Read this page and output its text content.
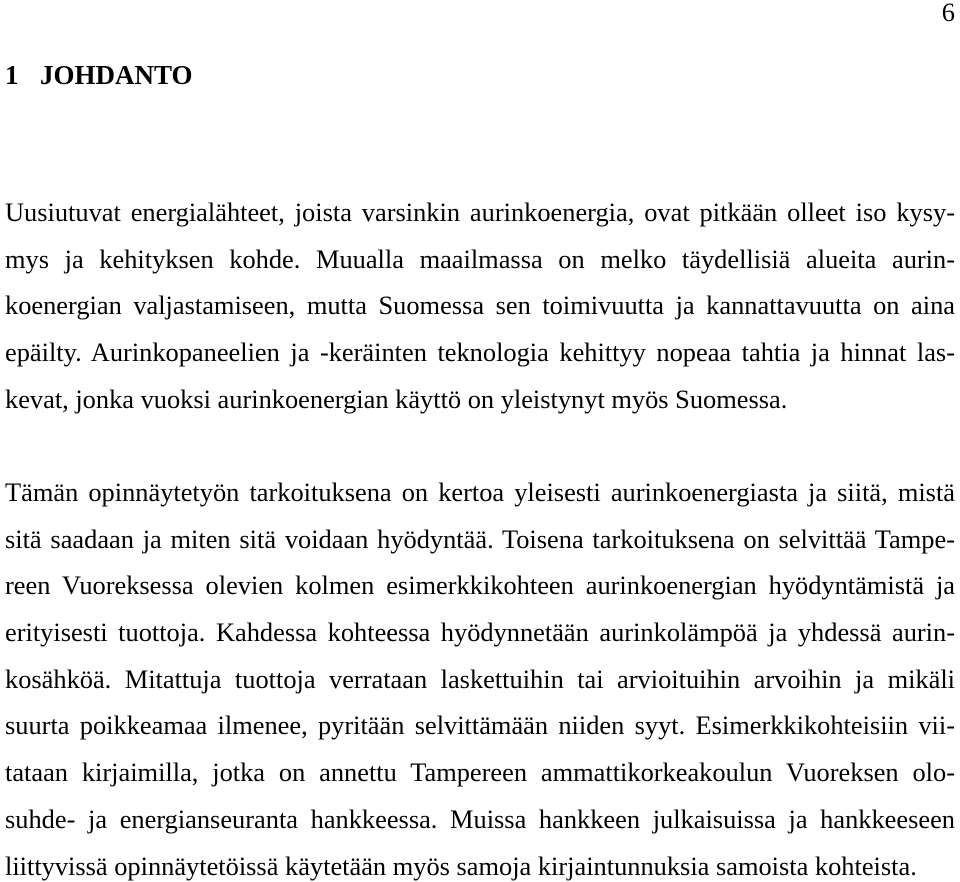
6
1 JOHDANTO
Uusiutuvat energialähteet, joista varsinkin aurinkoenergia, ovat pitkään olleet iso kysy-
mys ja kehityksen kohde. Muualla maailmassa on melko täydellisiä alueita aurin-
koenergian valjastamiseen, mutta Suomessa sen toimivuutta ja kannattavuutta on aina
epäilty. Aurinkopaneelien ja -keräinten teknologia kehittyy nopeaa tahtia ja hinnat las-
kevat, jonka vuoksi aurinkoenergian käyttö on yleistynyt myös Suomessa.
Tämän opinnäytetyön tarkoituksena on kertoa yleisesti aurinkoenergiasta ja siitä, mistä
sitä saadaan ja miten sitä voidaan hyödyntää. Toisena tarkoituksena on selvittää Tampe-
reen Vuoreksessa olevien kolmen esimerkkikohteen aurinkoenergian hyödyntämistä ja
erityisesti tuottoja. Kahdessa kohteessa hyödynnetään aurinkolämpöä ja yhdessä aurin-
kosähköä. Mitattuja tuottoja verrataan laskettuihin tai arvioituihin arvoihin ja mikäli
suurta poikkeamaa ilmenee, pyritään selvittämään niiden syyt. Esimerkkikohteisiin vii-
tataan kirjaimilla, jotka on annettu Tampereen ammattikorkeakoulun Vuoreksen olo-
suhde- ja energianseuranta hankkeessa. Muissa hankkeen julkaisuissa ja hankkeeseen
liittyvissä opinnäytetöissä käytetään myös samoja kirjaintunnuksia samoista kohteista.
